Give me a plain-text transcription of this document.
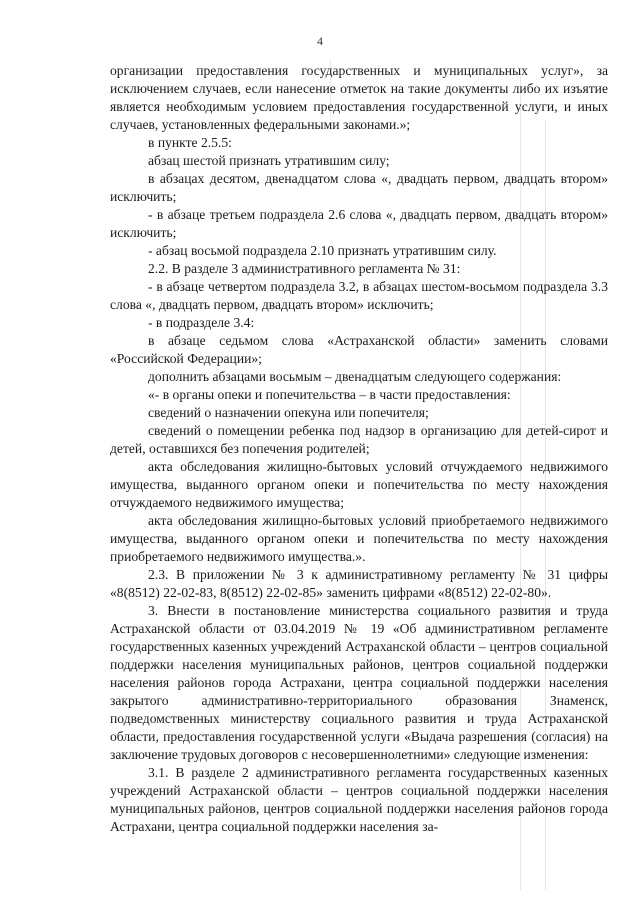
4

организации предоставления государственных и муниципальных услуг», за исключением случаев, если нанесение отметок на такие документы либо их изъятие является необходимым условием предоставления государственной услуги, и иных случаев, установленных федеральными законами.»;

в пункте 2.5.5:

абзац шестой признать утратившим силу;

в абзацах десятом, двенадцатом слова «, двадцать первом, двадцать втором» исключить;

- в абзаце третьем подраздела 2.6 слова «, двадцать первом, двадцать втором» исключить;

- абзац восьмой подраздела 2.10 признать утратившим силу.

2.2. В разделе 3 административного регламента № 31:

- в абзаце четвертом подраздела 3.2, в абзацах шестом-восьмом подраздела 3.3 слова «, двадцать первом, двадцать втором» исключить;

- в подразделе 3.4:

в абзаце седьмом слова «Астраханской области» заменить словами «Российской Федерации»;

дополнить абзацами восьмым – двенадцатым следующего содержания:

«- в органы опеки и попечительства – в части предоставления:

сведений о назначении опекуна или попечителя;

сведений о помещении ребенка под надзор в организацию для детей-сирот и детей, оставшихся без попечения родителей;

акта обследования жилищно-бытовых условий отчуждаемого недвижимого имущества, выданного органом опеки и попечительства по месту нахождения отчуждаемого недвижимого имущества;

акта обследования жилищно-бытовых условий приобретаемого недвижимого имущества, выданного органом опеки и попечительства по месту нахождения приобретаемого недвижимого имущества.».

2.3. В приложении № 3 к административному регламенту № 31 цифры «8(8512) 22-02-83, 8(8512) 22-02-85» заменить цифрами «8(8512) 22-02-80».

3. Внести в постановление министерства социального развития и труда Астраханской области от 03.04.2019 № 19 «Об административном регламенте государственных казенных учреждений Астраханской области – центров социальной поддержки населения муниципальных районов, центров социальной поддержки населения районов города Астрахани, центра социальной поддержки населения закрытого административно-территориального образования Знаменск, подведомственных министерству социального развития и труда Астраханской области, предоставления государственной услуги «Выдача разрешения (согласия) на заключение трудовых договоров с несовершеннолетними» следующие изменения:

3.1. В разделе 2 административного регламента государственных казенных учреждений Астраханской области – центров социальной поддержки населения муниципальных районов, центров социальной поддержки населения районов города Астрахани, центра социальной поддержки населения за-
